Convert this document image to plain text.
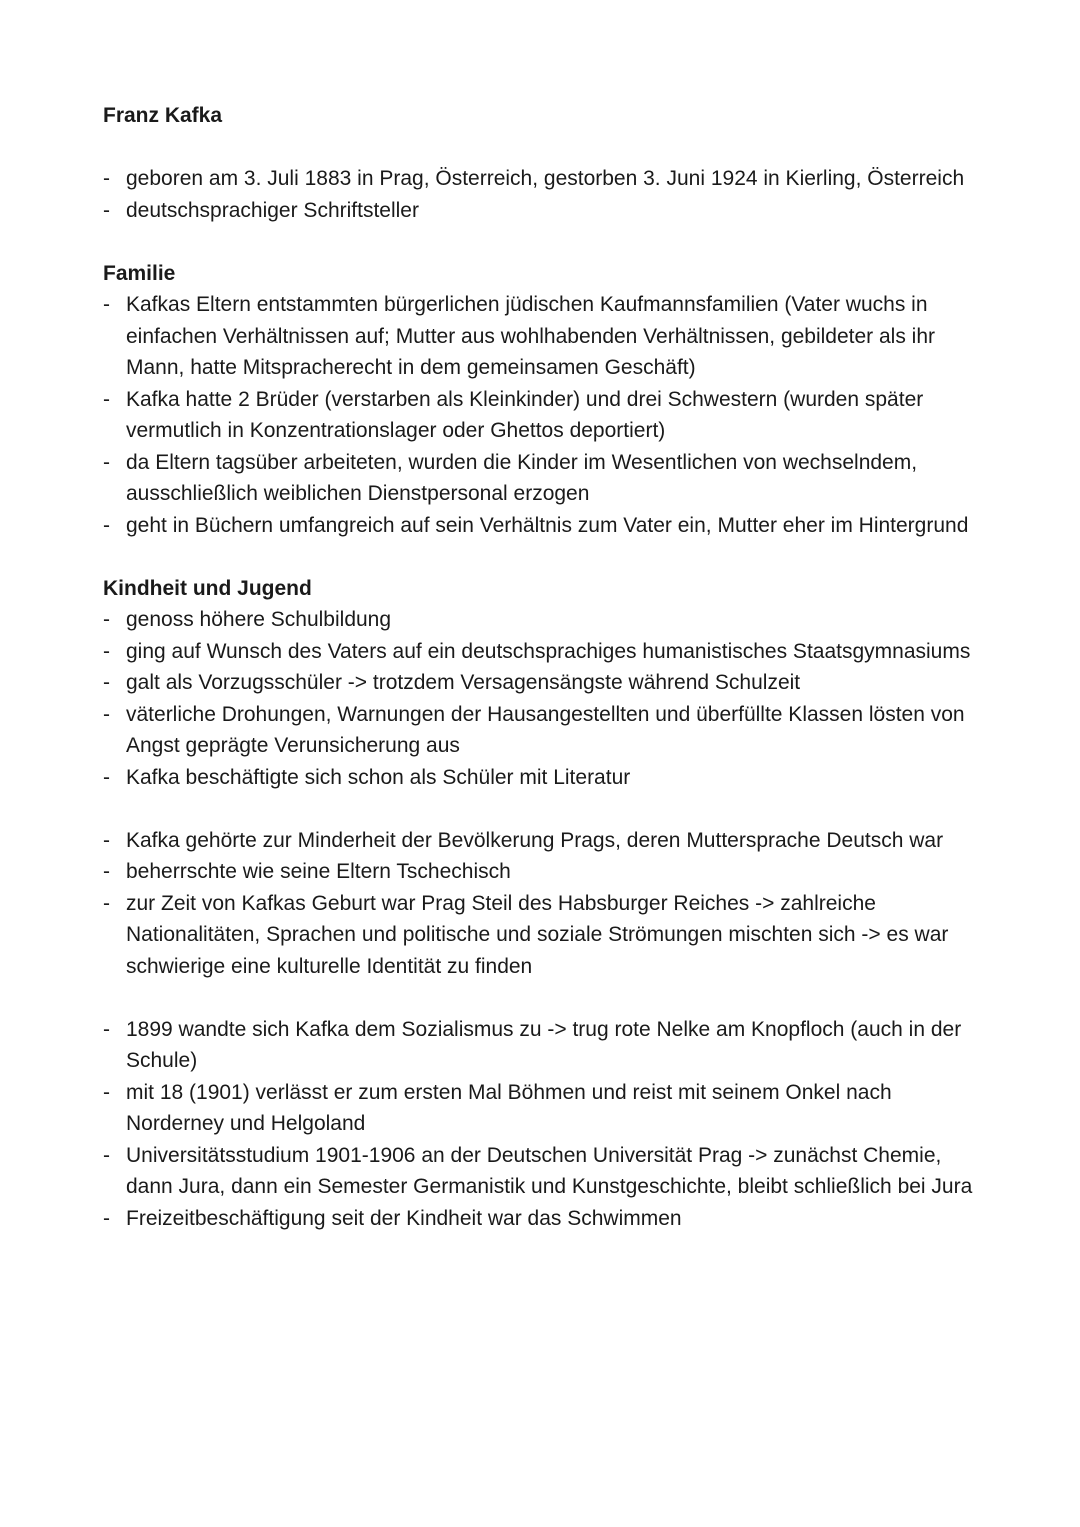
Franz Kafka
- geboren am 3. Juli 1883 in Prag, Österreich, gestorben 3. Juni 1924 in Kierling, Österreich
- deutschsprachiger Schriftsteller
Familie
- Kafkas Eltern entstammten bürgerlichen jüdischen Kaufmannsfamilien (Vater wuchs in einfachen Verhältnissen auf; Mutter aus wohlhabenden Verhältnissen, gebildeter als ihr Mann, hatte Mitspracherecht in dem gemeinsamen Geschäft)
- Kafka hatte 2 Brüder (verstarben als Kleinkinder) und drei Schwestern (wurden später vermutlich in Konzentrationslager oder Ghettos deportiert)
- da Eltern tagsüber arbeiteten, wurden die Kinder im Wesentlichen von wechselndem, ausschließlich weiblichen Dienstpersonal erzogen
- geht in Büchern umfangreich auf sein Verhältnis zum Vater ein, Mutter eher im Hintergrund
Kindheit und Jugend
- genoss höhere Schulbildung
- ging auf Wunsch des Vaters auf ein deutschsprachiges humanistisches Staatsgymnasiums
- galt als Vorzugsschüler -> trotzdem Versagensängste während Schulzeit
- väterliche Drohungen, Warnungen der Hausangestellten und überfüllte Klassen lösten von Angst geprägte Verunsicherung aus
- Kafka beschäftigte sich schon als Schüler mit Literatur
- Kafka gehörte zur Minderheit der Bevölkerung Prags, deren Muttersprache Deutsch war
- beherrschte wie seine Eltern Tschechisch
- zur Zeit von Kafkas Geburt war Prag Steil des Habsburger Reiches -> zahlreiche Nationalitäten, Sprachen und politische und soziale Strömungen mischten sich -> es war schwierige eine kulturelle Identität zu finden
- 1899 wandte sich Kafka dem Sozialismus zu -> trug rote Nelke am Knopfloch (auch in der Schule)
- mit 18 (1901) verlässt er zum ersten Mal Böhmen und reist mit seinem Onkel nach Norderney und Helgoland
- Universitätsstudium 1901-1906 an der Deutschen Universität Prag -> zunächst Chemie, dann Jura, dann ein Semester Germanistik und Kunstgeschichte, bleibt schließlich bei Jura
- Freizeitbeschäftigung seit der Kindheit war das Schwimmen
